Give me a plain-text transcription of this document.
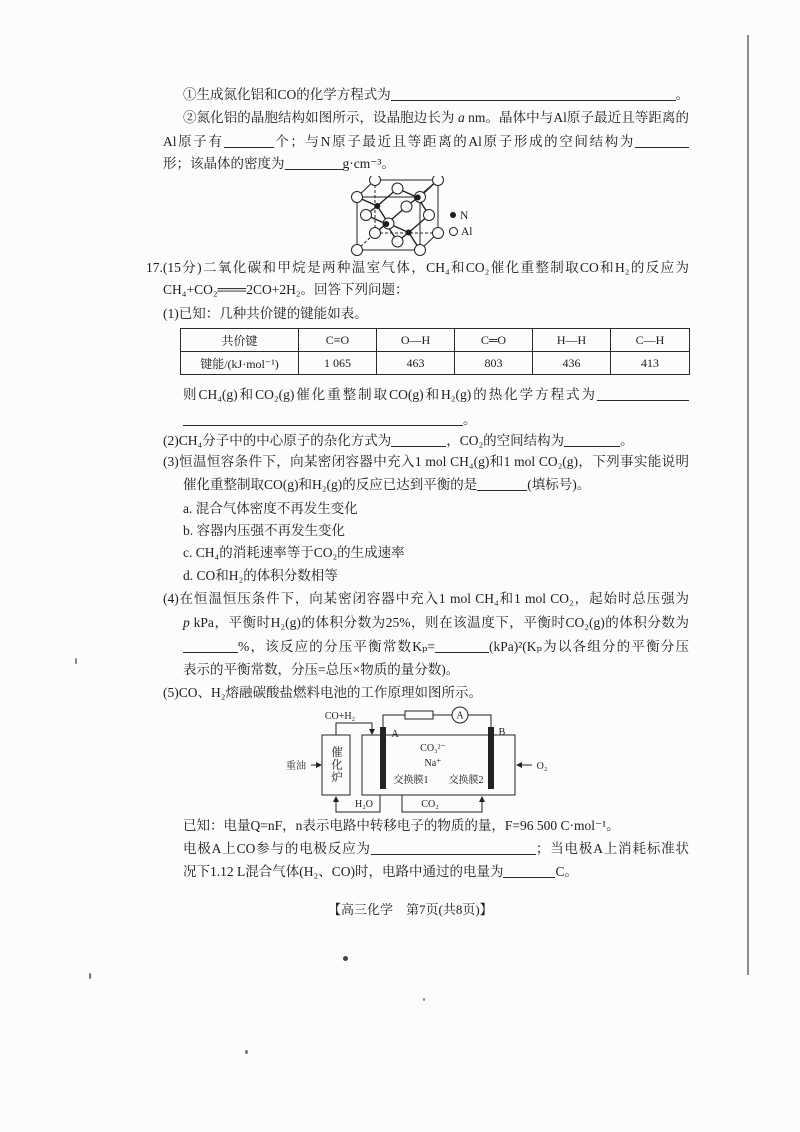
①生成氮化铝和CO的化学方程式为	。
②氮化铝的晶胞结构如图所示，设晶胞边长为 a nm。晶体中与Al原子最近且等距离的
Al原子有	个；与N原子最近且等距离的Al原子形成的空间结构为
形；该晶体的密度为	g·cm⁻³。
N
Al
17.(15分)二氧化碳和甲烷是两种温室气体，CH₄和CO₂催化重整制取CO和H₂的反应为
CH₄+CO₂═══2CO+2H₂。回答下列问题：
(1)已知：几种共价键的键能如表。
共价键	C≡O	O—H	C═O	H—H	C—H
键能/(kJ·mol⁻¹)	1 065	463	803	436	413
则CH₄(g)和CO₂(g)催化重整制取CO(g)和H₂(g)的热化学方程式为
。
(2)CH₄分子中的中心原子的杂化方式为	，CO₂的空间结构为	。
(3)恒温恒容条件下，向某密闭容器中充入1 mol CH₄(g)和1 mol CO₂(g)，下列事实能说明
催化重整制取CO(g)和H₂(g)的反应已达到平衡的是	(填标号)。
a. 混合气体密度不再发生变化
b. 容器内压强不再发生变化
c. CH₄的消耗速率等于CO₂的生成速率
d. CO和H₂的体积分数相等
(4)在恒温恒压条件下，向某密闭容器中充入1 mol CH₄和1 mol CO₂，起始时总压强为
p kPa，平衡时H₂(g)的体积分数为25%，则在该温度下，平衡时CO₂(g)的体积分数为
%，该反应的分压平衡常数Kₚ=	(kPa)²(Kₚ为以各组分的平衡分压
表示的平衡常数，分压=总压×物质的量分数)。
(5)CO、H₂熔融碳酸盐燃料电池的工作原理如图所示。
重油
CO+H₂
A	B
A
CO₃²⁻
Na⁺
交换膜1 交换膜2
O₂
H₂O	CO₂
催化炉
已知：电量Q=nF，n表示电路中转移电子的物质的量，F=96 500 C·mol⁻¹。
电极A上CO参与的电极反应为	；当电极A上消耗标准状
况下1.12 L混合气体(H₂、CO)时，电路中通过的电量为	C。
【高三化学　第7页(共8页)】
